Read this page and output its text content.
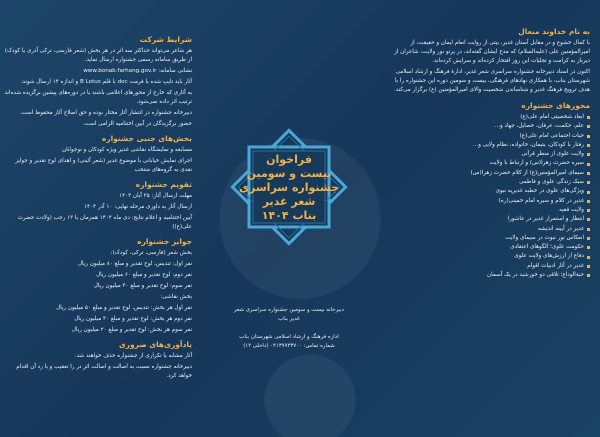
به نام خداوند منعال
با کمال خشوع و در مقابل آستان غدیر، بیتی از روایت انعام ایمان و حقیقت، از امیرالمؤمنین علی (علیه‌السلام) که مدح ایشان گفته‌اند، در پرتو نور ولایت، شاعران از دیرباز به کرامت و تجلیات این روز افتخار کرده‌اند و سرایش کرده‌اند.
اکنون در اسناد دبیرخانه جشنواره سراسری شعر غدیر، ادارهٔ فرهنگ و ارشاد اسلامی شهرستان بناب، با همکاری نهادهای فرهنگی، بیست و سومین دوره این جشنواره را با هدف ترویج فرهنگ غدیر و شناساندن شخصیت والای امیرالمؤمنین (ع) برگزار می‌کند.
محورهای جشنواره
ابعاد شخصیتی امام علی(ع)
علم، حکمت، عرفان، خصایل، جهاد و...
حیات اجتماعی امام علی(ع)
رفتار با کودکان، یتیمان، خانواده، نظام ولایی و...
ولایت علوی از منظر قرآنی
سیره حضرت زهرا(س) و ارتباط با ولایت
سیمای امیرالمؤمنین(ع) از کلام حضرت زهرا(س)
سبک زندگی علوی و فاطمی
ویژگی‌های علوی در خطبه غدیریه نبوی
غدیر در کلام و سیره امام خمینی(ره)
ولایت فقیه
انتظار و استمرار غدیر در عاشورا
غدیر در آیینه اندیشه
انعکاس نور نبوت در سیمای ولایت
حکومت علوی؛ الگوهای اعتقادی
دفاع از ارزش‌های ولایت علوی
غدیر در آثار ادبیات اقوام
حبةالوداع؛ تلاقی دو خورشید در یک آسمان
فراخوان
بیست و سومین
جشنواره سراسری
شعر غدیر
بناب ۱۴۰۴
دبیرخانه بیست و سومین جشنواره سراسری شعر
غدیر بناب
اداره فرهنگ و ارشاد اسلامی شهرستان بناب
شماره تماس: ۰۴۱۳۷۷۲۳۷۰۰ (داخلی ۱۲)
شرایط شرکت
هر شاعر می‌تواند حداکثر سه اثر در هر بخش (شعر فارسی، ترکی آذری یا کودک) از طریق سامانه رسمی جشنواره ارسال نماید.
نشانی سامانه: www.bonab.farhang.gov.ir
آثار باید تایپ شده با فرمت doc با قلم B Lotus و اندازه ۱۴ ارسال شوند.
به آثاری که خارج از محورهای اعلامی باشند یا در دوره‌های پیشین برگزیده شده‌اند ترتیب اثر داده نمی‌شود.
دبیرخانه جشنواره در انتشار آثار مختار بوده و حق اصلاح آثار محفوظ است.
حضور برگزیدگان در آیین اختتامیه الزامی است.
بخش‌های جنبی جشنواره
مسابقه و نمایشگاه نقاشی غدیر ویژه کودکان و نوجوانان
اجرای نمایش خیابانی با موضوع غدیر (شعر آئینی) و اهدای لوح تقدیر و جوایز نقدی به گروه‌های منتخب
تقویم جشنواره
مهلت ارسال آثار: ۲۵ آبان ۱۴۰۴
ارسال آثار به داوری مرحله نهایی: ۱۰ آذر ۱۴۰۴
آیین اختتامیه و اعلام نتایج: دی ماه ۱۴۰۴ همزمان با ۱۳ رجب (ولادت حضرت علی(ع))
جوایز جشنواره
بخش شعر (فارسی، ترکی، کودک):
نفر اول: تندیس، لوح تقدیر و مبلغ ۸۰ میلیون ریال
نفر دوم: لوح تقدیر و مبلغ ۶۰ میلیون ریال
نفر سوم: لوح تقدیر و مبلغ ۴۰ میلیون ریال
بخش نقاشی:
نفر اول هر بخش: تندیس، لوح تقدیر و مبلغ ۵۰ میلیون ریال
نفر دوم هر بخش: لوح تقدیر و مبلغ ۳۰ میلیون ریال
نفر سوم هر بخش: لوح تقدیر و مبلغ ۲۰ میلیون ریال
یادآوری‌های ضروری
آثار مشابه یا تکراری از جشنواره حذف خواهند شد.
دبیرخانه جشنواره نسبت به اصالت و اصالت اثر در را تعقیب و با رد آن اقدام خواهد کرد.
